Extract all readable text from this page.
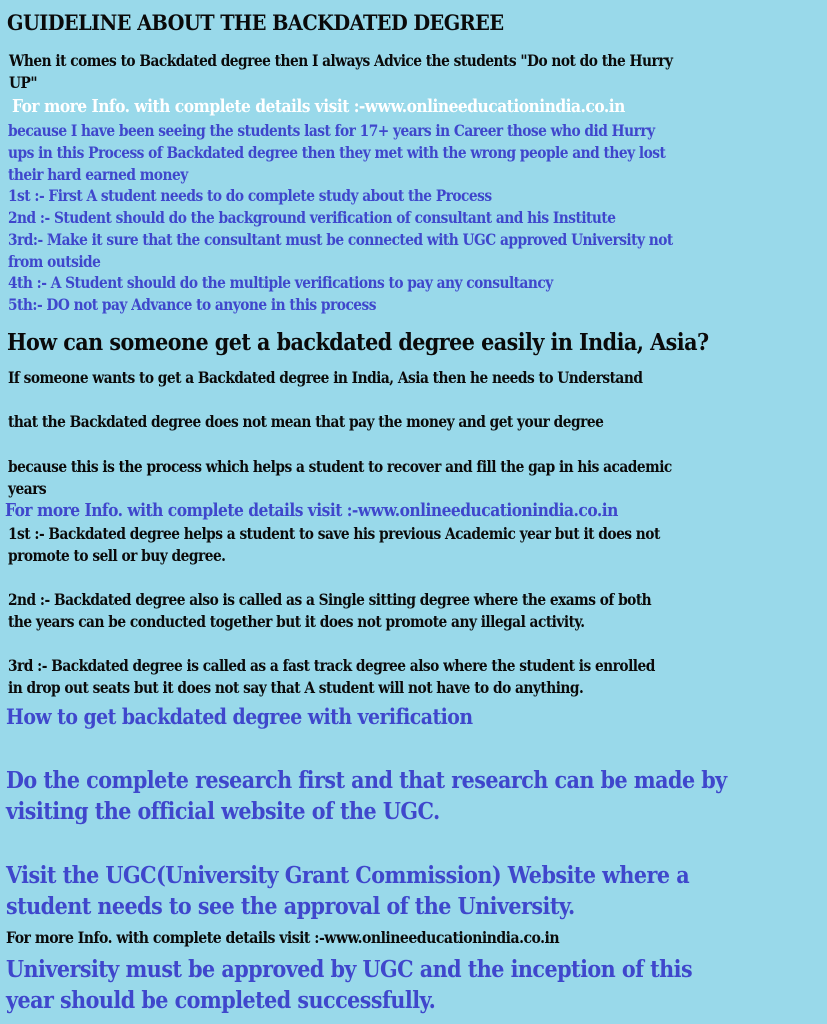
GUIDELINE ABOUT THE BACKDATED DEGREE

When it comes to Backdated degree then I always Advice the students "Do not do the Hurry

UP"

For more Info. with complete details visit :-www.onlineeducationindia.co.in

because I have been seeing the students last for 17+ years in Career those who did Hurry

ups in this Process of Backdated degree then they met with the wrong people and they lost

their hard earned money

1st :- First A student needs to do complete study about the Process

2nd :- Student should do the background verification of consultant and his Institute

3rd:- Make it sure that the consultant must be connected with UGC approved University not

from outside

4th :- A Student should do the multiple verifications to pay any consultancy

5th:- DO not pay Advance to anyone in this process

How can someone get a backdated degree easily in India, Asia?

If someone wants to get a Backdated degree in India, Asia then he needs to Understand

that the Backdated degree does not mean that pay the money and get your degree

because this is the process which helps a student to recover and fill the gap in his academic

years

For more Info. with complete details visit :-www.onlineeducationindia.co.in

1st :- Backdated degree helps a student to save his previous Academic year but it does not

promote to sell or buy degree.

2nd :- Backdated degree also is called as a Single sitting degree where the exams of both

the years can be conducted together but it does not promote any illegal activity.

3rd :- Backdated degree is called as a fast track degree also where the student is enrolled

in drop out seats but it does not say that A student will not have to do anything.

How to get backdated degree with verification

Do the complete research first and that research can be made by

visiting the official website of the UGC.

Visit the UGC(University Grant Commission) Website where a

student needs to see the approval of the University.

For more Info. with complete details visit :-www.onlineeducationindia.co.in

University must be approved by UGC and the inception of this

year should be completed successfully.
